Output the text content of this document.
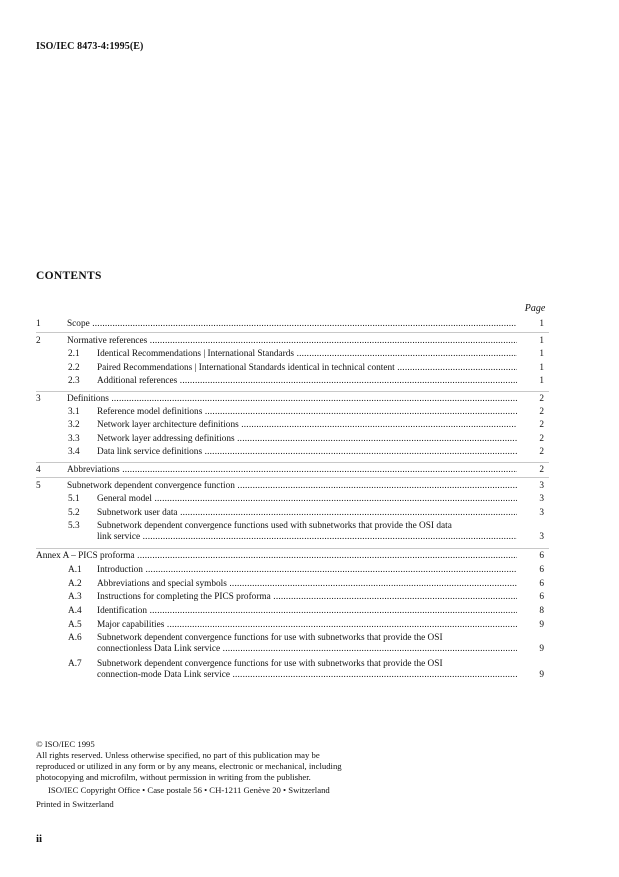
ISO/IEC 8473-4:1995(E)
CONTENTS
Page
1	Scope .....	1
2	Normative references .....	1
2.1 Identical Recommendations | International Standards .....	1
2.2 Paired Recommendations | International Standards identical in technical content .....	1
2.3 Additional references .....	1
3	Definitions .....	2
3.1 Reference model definitions .....	2
3.2 Network layer architecture definitions .....	2
3.3 Network layer addressing definitions .....	2
3.4 Data link service definitions .....	2
4	Abbreviations .....	2
5	Subnetwork dependent convergence function .....	3
5.1 General model .....	3
5.2 Subnetwork user data .....	3
5.3 Subnetwork dependent convergence functions used with subnetworks that provide the OSI data
link service .....	3
Annex A – PICS proforma .....	6
A.1 Introduction .....	6
A.2 Abbreviations and special symbols .....	6
A.3 Instructions for completing the PICS proforma .....	6
A.4 Identification .....	8
A.5 Major capabilities .....	9
A.6 Subnetwork dependent convergence functions for use with subnetworks that provide the OSI
connectionless Data Link service .....	9
A.7 Subnetwork dependent convergence functions for use with subnetworks that provide the OSI
connection-mode Data Link service .....	9
© ISO/IEC 1995
All rights reserved. Unless otherwise specified, no part of this publication may be
reproduced or utilized in any form or by any means, electronic or mechanical, including
photocopying and microfilm, without permission in writing from the publisher.
ISO/IEC Copyright Office • Case postale 56 • CH-1211 Genève 20 • Switzerland
Printed in Switzerland
ii
